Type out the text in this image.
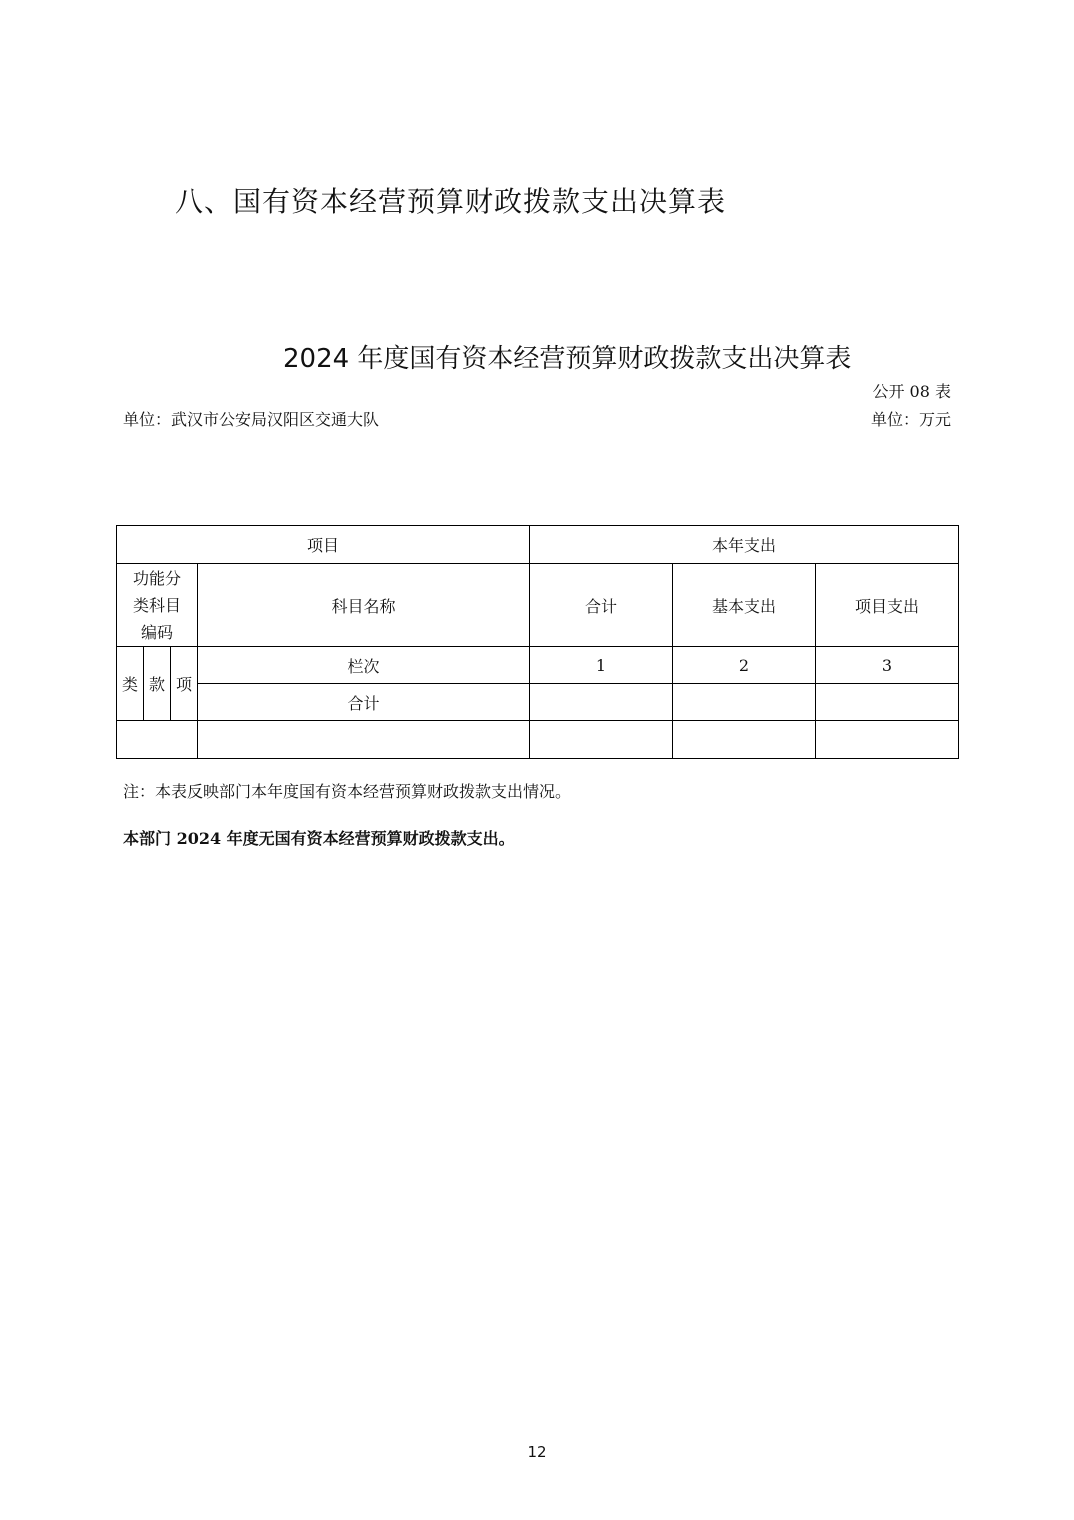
八、国有资本经营预算财政拨款支出决算表
2024 年度国有资本经营预算财政拨款支出决算表
公开 08 表
单位：武汉市公安局汉阳区交通大队	单位：万元
项目				本年支出		

功能分
类科目
编码			科目名称	合计	基本支出	项目支出
类	款	项	栏次	1	2	3
			合计			

注：本表反映部门本年度国有资本经营预算财政拨款支出情况。
本部门 2024 年度无国有资本经营预算财政拨款支出。
12
